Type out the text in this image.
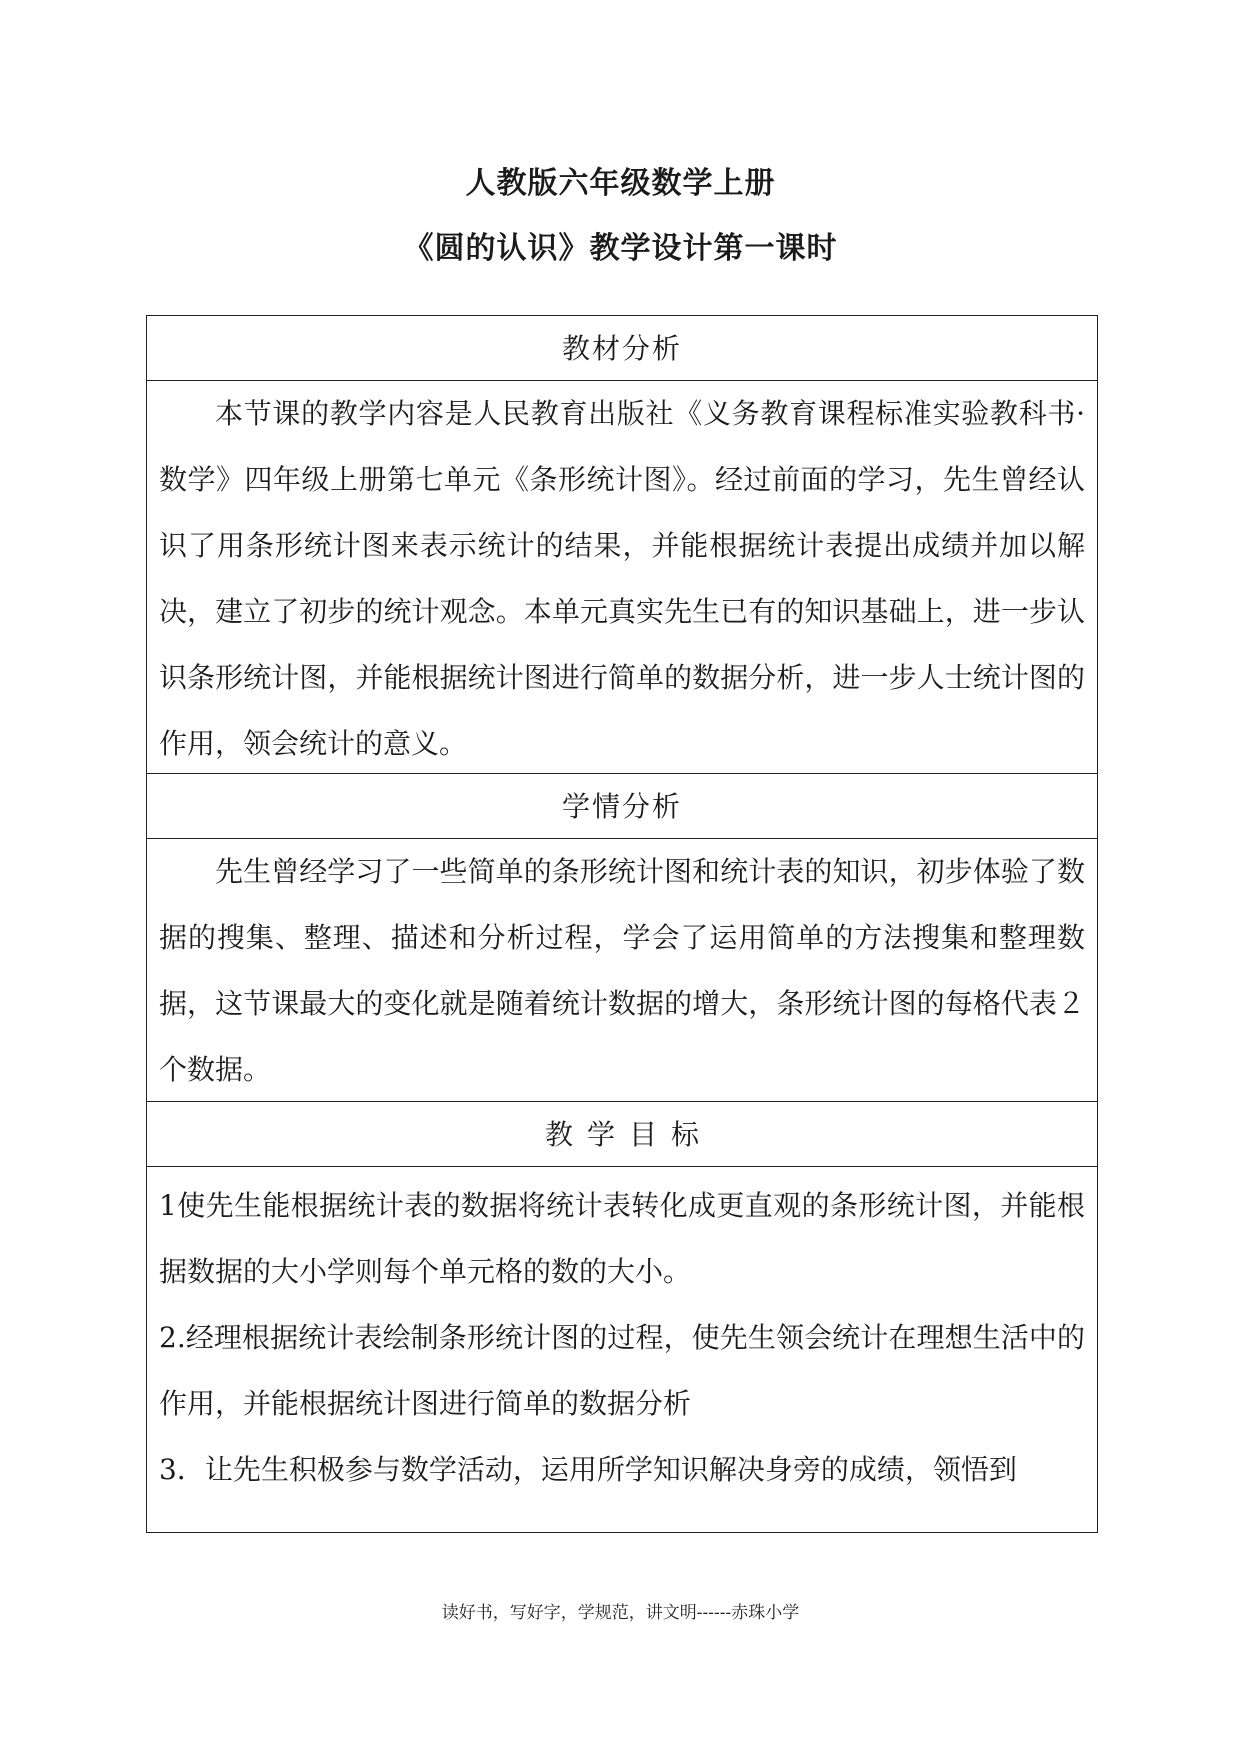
人教版六年级数学上册
《圆的认识》教学设计第一课时
教材分析

本节课的教学内容是人民教育出版社《义务教育课程标准实验教科书·数学》四年级上册第七单元《条形统计图》。经过前面的学习，先生曾经认识了用条形统计图来表示统计的结果，并能根据统计表提出成绩并加以解决，建立了初步的统计观念。本单元真实先生已有的知识基础上，进一步认识条形统计图，并能根据统计图进行简单的数据分析，进一步人士统计图的作用，领会统计的意义。

学情分析

先生曾经学习了一些简单的条形统计图和统计表的知识，初步体验了数据的搜集、整理、描述和分析过程，学会了运用简单的方法搜集和整理数据，这节课最大的变化就是随着统计数据的增大，条形统计图的每格代表２个数据。

教学目标

1使先生能根据统计表的数据将统计表转化成更直观的条形统计图，并能根据数据的大小学则每个单元格的数的大小。

2.经理根据统计表绘制条形统计图的过程，使先生领会统计在理想生活中的作用，并能根据统计图进行简单的数据分析

3．让先生积极参与数学活动，运用所学知识解决身旁的成绩，领悟到

读好书，写好字，学规范，讲文明------赤珠小学
